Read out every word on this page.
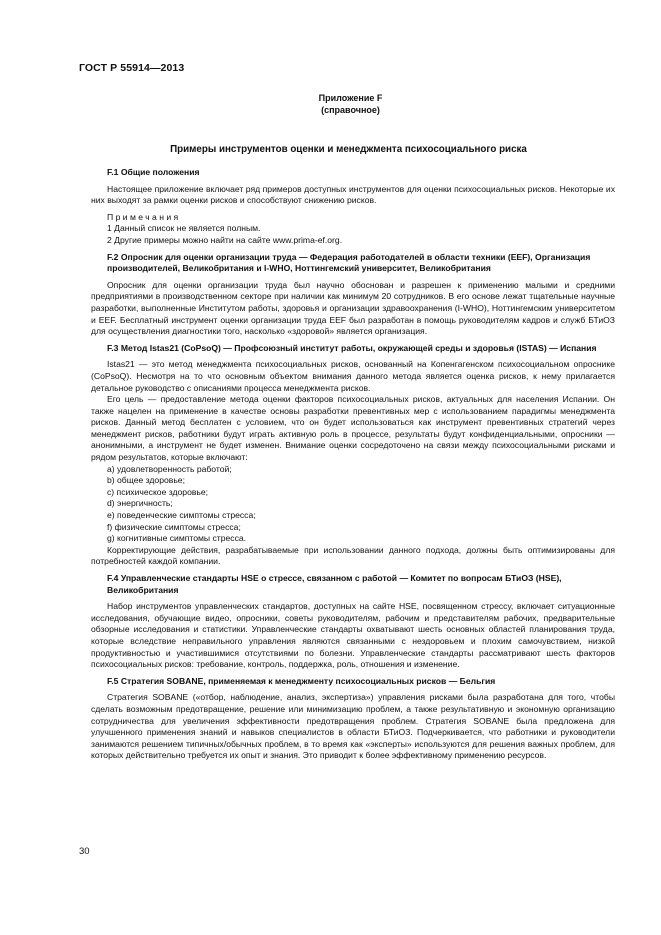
ГОСТ Р 55914—2013
Приложение F
(справочное)
Примеры инструментов оценки и менеджмента психосоциального риска
F.1 Общие положения

Настоящее приложение включает ряд примеров доступных инструментов для оценки психосоциальных рисков. Некоторые их них выходят за рамки оценки рисков и способствуют снижению рисков.

Примечания

1 Данный список не является полным.

2 Другие примеры можно найти на сайте www.prima-ef.org.

F.2 Опросник для оценки организации труда — Федерация работодателей в области техники (EEF), Организация производителей, Великобритания и I-WHO, Ноттингемский университет, Великобритания

Опросник для оценки организации труда был научно обоснован и разрешен к применению малыми и средними предприятиями в производственном секторе при наличии как минимум 20 сотрудников. В его основе лежат тщательные научные разработки, выполненные Институтом работы, здоровья и организации здравоохранения (I-WHO), Ноттингемским университетом и EEF. Бесплатный инструмент оценки организации труда EEF был разработан в помощь руководителям кадров и служб БТиОЗ для осуществления диагностики того, насколько «здоровой» является организация.

F.3 Метод Istas21 (CoPsoQ) — Профсоюзный институт работы, окружающей среды и здоровья (ISTAS) — Испания

Istas21 — это метод менеджмента психосоциальных рисков, основанный на Копенгагенском психосоциальном опроснике (CoPsoQ). Несмотря на то что основным объектом внимания данного метода является оценка рисков, к нему прилагается детальное руководство с описаниями процесса менеджмента рисков.

Его цель — предоставление метода оценки факторов психосоциальных рисков, актуальных для населения Испании. Он также нацелен на применение в качестве основы разработки превентивных мер с использованием парадигмы менеджмента рисков. Данный метод бесплатен с условием, что он будет использоваться как инструмент превентивных стратегий через менеджмент рисков, работники будут играть активную роль в процессе, результаты будут конфиденциальными, опросники — анонимными, а инструмент не будет изменен. Внимание оценки сосредоточено на связи между психосоциальными рисками и рядом результатов, которые включают:

a) удовлетворенность работой;
b) общее здоровье;
c) психическое здоровье;
d) энергичность;
e) поведенческие симптомы стресса;
f) физические симптомы стресса;
g) когнитивные симптомы стресса.

Корректирующие действия, разрабатываемые при использовании данного подхода, должны быть оптимизированы для потребностей каждой компании.

F.4 Управленческие стандарты HSE о стрессе, связанном с работой — Комитет по вопросам БТиОЗ (HSE), Великобритания

Набор инструментов управленческих стандартов, доступных на сайте HSE, посвященном стрессу, включает ситуационные исследования, обучающие видео, опросники, советы руководителям, рабочим и представителям рабочих, предварительные обзорные исследования и статистики. Управленческие стандарты охватывают шесть основных областей планирования труда, которые вследствие неправильного управления являются связанными с нездоровьем и плохим самочувствием, низкой продуктивностью и участившимися отсутствиями по болезни. Управленческие стандарты рассматривают шесть факторов психосоциальных рисков: требование, контроль, поддержка, роль, отношения и изменение.

F.5 Стратегия SOBANE, применяемая к менеджменту психосоциальных рисков — Бельгия

Стратегия SOBANE («отбор, наблюдение, анализ, экспертиза») управления рисками была разработана для того, чтобы сделать возможным предотвращение, решение или минимизацию проблем, а также результативную и экономную организацию сотрудничества для увеличения эффективности предотвращения проблем. Стратегия SOBANE была предложена для улучшенного применения знаний и навыков специалистов в области БТиОЗ. Подчеркивается, что работники и руководители занимаются решением типичных/обычных проблем, в то время как «эксперты» используются для решения важных проблем, для которых действительно требуется их опыт и знания. Это приводит к более эффективному применению ресурсов.

30
